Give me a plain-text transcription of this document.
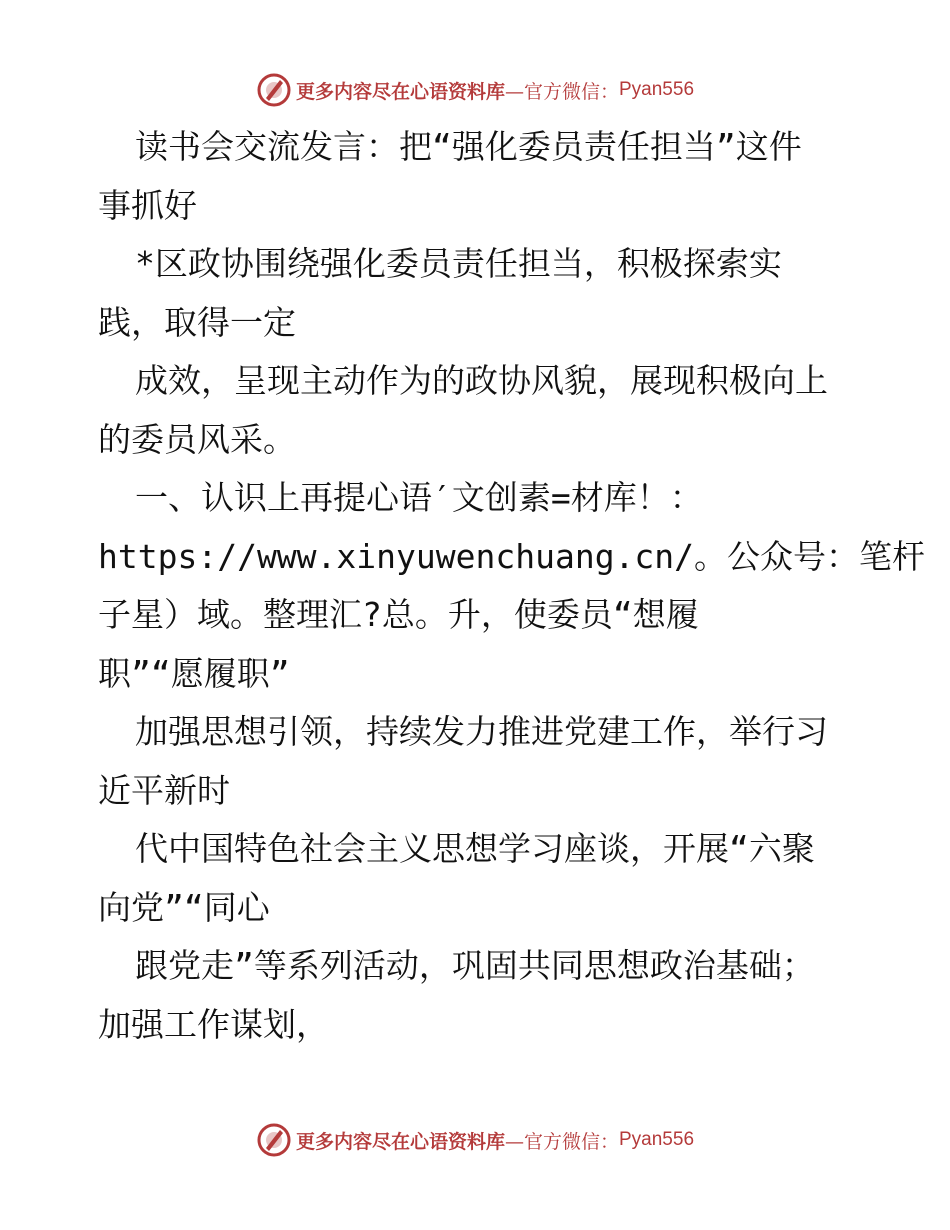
更多内容尽在心语资料库 —官方微信： Pyan556
读书会交流发言：把“强化委员责任担当”这件
事抓好
*区政协围绕强化委员责任担当，积极探索实
践，取得一定
成效，呈现主动作为的政协风貌，展现积极向上
的委员风采。
一、认识上再提心语′文创素=材库！：
https://www.xinyuwenchuang.cn/。公众号：笔杆
子星）域。整理汇?总。升，使委员“想履
职”“愿履职”
加强思想引领，持续发力推进党建工作，举行习
近平新时
代中国特色社会主义思想学习座谈，开展“六聚
向党”“同心
跟党走”等系列活动，巩固共同思想政治基础；
加强工作谋划，
更多内容尽在心语资料库 —官方微信： Pyan556
